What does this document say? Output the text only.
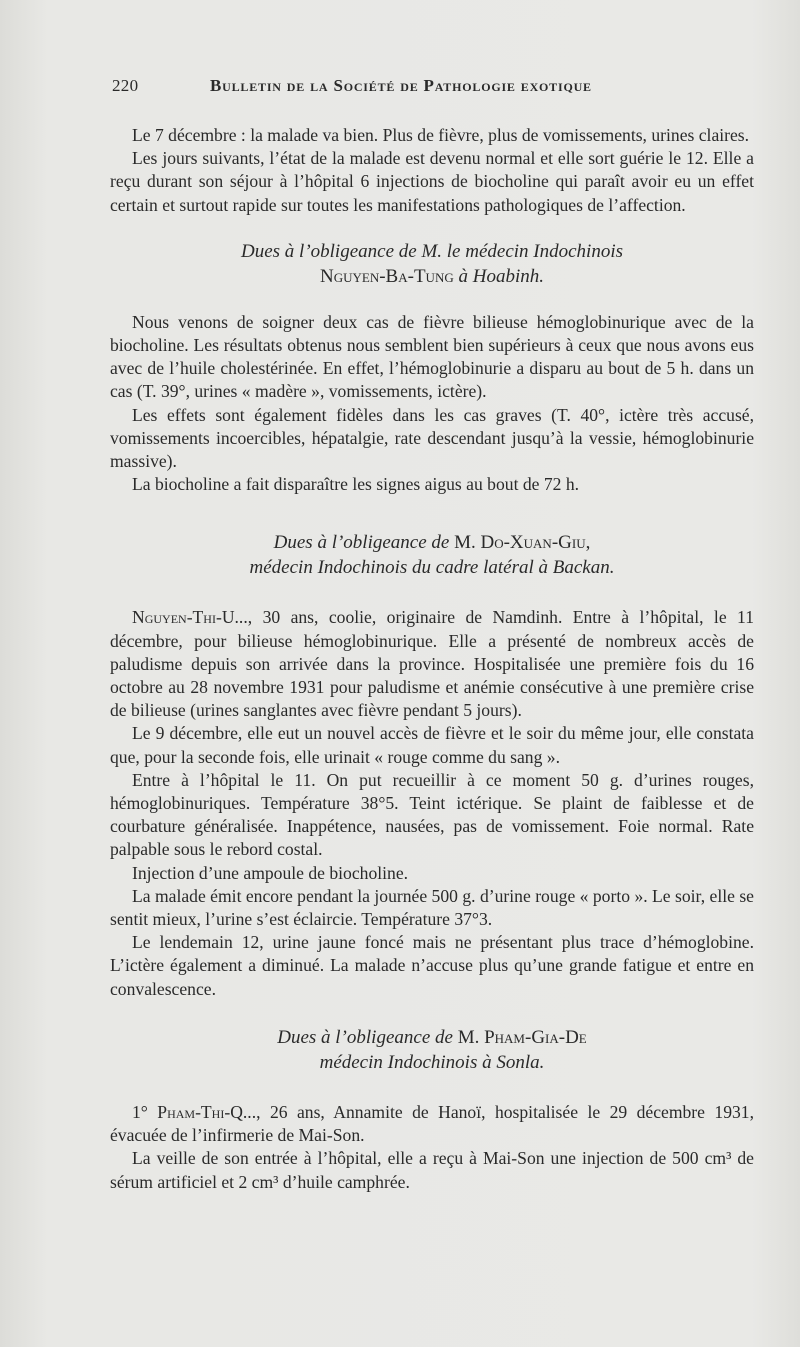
220	Bulletin de la Société de Pathologie exotique

Le 7 décembre : la malade va bien. Plus de fièvre, plus de vomissements, urines claires.

Les jours suivants, l’état de la malade est devenu normal et elle sort guérie le 12. Elle a reçu durant son séjour à l’hôpital 6 injections de biocholine qui paraît avoir eu un effet certain et surtout rapide sur toutes les manifestations pathologiques de l’affection.

Dues à l’obligeance de M. le médecin Indochinois
Nguyen-Ba-Tung à Hoabinh.

Nous venons de soigner deux cas de fièvre bilieuse hémoglobinurique avec de la biocholine. Les résultats obtenus nous semblent bien supérieurs à ceux que nous avons eus avec de l’huile cholestérinée. En effet, l’hémoglobinurie a disparu au bout de 5 h. dans un cas (T. 39°, urines « madère », vomissements, ictère).

Les effets sont également fidèles dans les cas graves (T. 40°, ictère très accusé, vomissements incoercibles, hépatalgie, rate descendant jusqu’à la vessie, hémoglobinurie massive).

La biocholine a fait disparaître les signes aigus au bout de 72 h.

Dues à l’obligeance de M. Do-Xuan-Giu,
médecin Indochinois du cadre latéral à Backan.

Nguyen-Thi-U..., 30 ans, coolie, originaire de Namdinh. Entre à l’hôpital, le 11 décembre, pour bilieuse hémoglobinurique. Elle a présenté de nombreux accès de paludisme depuis son arrivée dans la province. Hospitalisée une première fois du 16 octobre au 28 novembre 1931 pour paludisme et anémie consécutive à une première crise de bilieuse (urines sanglantes avec fièvre pendant 5 jours).

Le 9 décembre, elle eut un nouvel accès de fièvre et le soir du même jour, elle constata que, pour la seconde fois, elle urinait « rouge comme du sang ».

Entre à l’hôpital le 11. On put recueillir à ce moment 50 g. d’urines rouges, hémoglobinuriques. Température 38°5. Teint ictérique. Se plaint de faiblesse et de courbature généralisée. Inappétence, nausées, pas de vomissement. Foie normal. Rate palpable sous le rebord costal.

Injection d’une ampoule de biocholine.

La malade émit encore pendant la journée 500 g. d’urine rouge « porto ». Le soir, elle se sentit mieux, l’urine s’est éclaircie. Température 37°3.

Le lendemain 12, urine jaune foncé mais ne présentant plus trace d’hémoglobine. L’ictère également a diminué. La malade n’accuse plus qu’une grande fatigue et entre en convalescence.

Dues à l’obligeance de M. Pham-Gia-De
médecin Indochinois à Sonla.

1° Pham-Thi-Q..., 26 ans, Annamite de Hanoï, hospitalisée le 29 décembre 1931, évacuée de l’infirmerie de Mai-Son.

La veille de son entrée à l’hôpital, elle a reçu à Mai-Son une injection de 500 cm³ de sérum artificiel et 2 cm³ d’huile camphrée.
